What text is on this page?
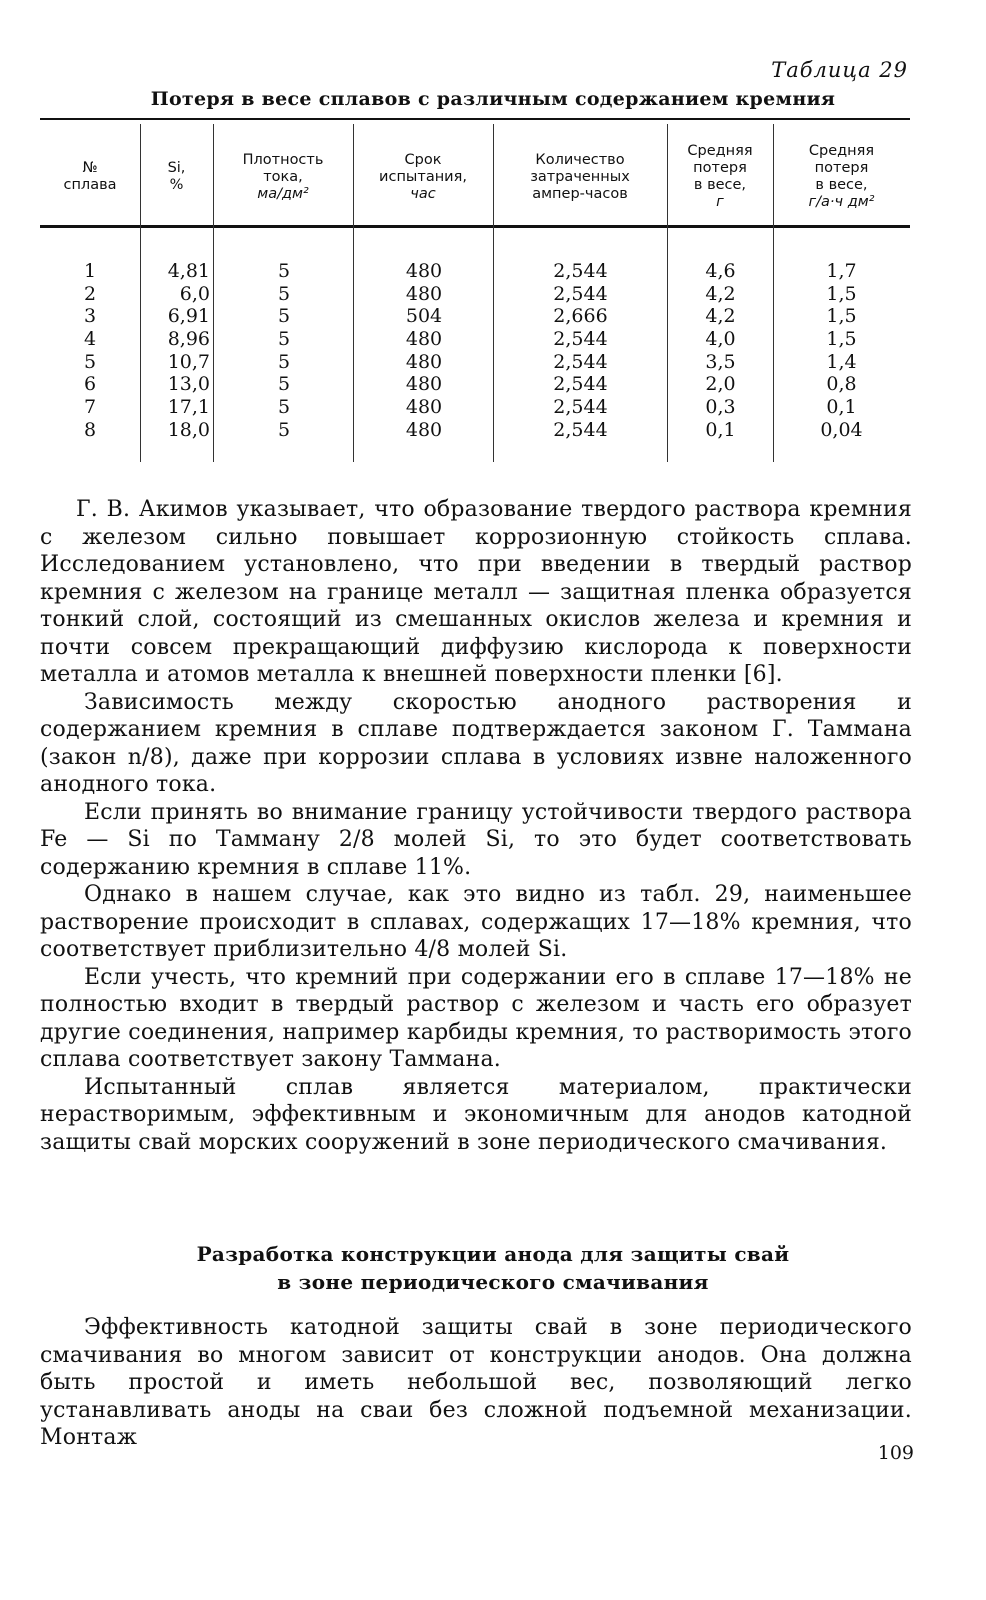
Таблица 29
Потеря в весе сплавов с различным содержанием кремния
№
сплава
Si,
%
Плотность
тока,
ма/дм²
Срок
испытания,
час
Количество
затраченных
ампер-часов
Средняя
потеря
в весе,
г
Средняя
потеря
в весе,
г/а·ч дм²
1
2
3
4
5
6
7
8
4,81
6,0
6,91
8,96
10,7
13,0
17,1
18,0
5
5
5
5
5
5
5
5
480
480
504
480
480
480
480
480
2,544
2,544
2,666
2,544
2,544
2,544
2,544
2,544
4,6
4,2
4,2
4,0
3,5
2,0
0,3
0,1
1,7
1,5
1,5
1,5
1,4
0,8
0,1
0,04

Г. В. Акимов указывает, что образование твердого раствора кремния с железом сильно повышает коррозионную стойкость сплава. Исследованием установлено, что при введении в твердый раствор кремния с железом на границе металл — защитная пленка образуется тонкий слой, состоящий из смешанных окислов железа и кремния и почти совсем прекращающий диффузию кислорода к поверхности металла и атомов металла к внешней поверхности пленки [6].

Зависимость между скоростью анодного растворения и содержанием кремния в сплаве подтверждается законом Г. Таммана (закон n/8), даже при коррозии сплава в условиях извне наложенного анодного тока.

Если принять во внимание границу устойчивости твердого раствора Fe — Si по Тамману 2/8 молей Si, то это будет соответствовать содержанию кремния в сплаве 11%.

Однако в нашем случае, как это видно из табл. 29, наименьшее растворение происходит в сплавах, содержащих 17—18% кремния, что соответствует приблизительно 4/8 молей Si.

Если учесть, что кремний при содержании его в сплаве 17—18% не полностью входит в твердый раствор с железом и часть его образует другие соединения, например карбиды кремния, то растворимость этого сплава соответствует закону Таммана.

Испытанный сплав является материалом, практически нерастворимым, эффективным и экономичным для анодов катодной защиты свай морских сооружений в зоне периодического смачивания.

Разработка конструкции анода для защиты свай
в зоне периодического смачивания

Эффективность катодной защиты свай в зоне периодического смачивания во многом зависит от конструкции анодов. Она должна быть простой и иметь небольшой вес, позволяющий легко устанавливать аноды на сваи без сложной подъемной механизации. Монтаж

109
